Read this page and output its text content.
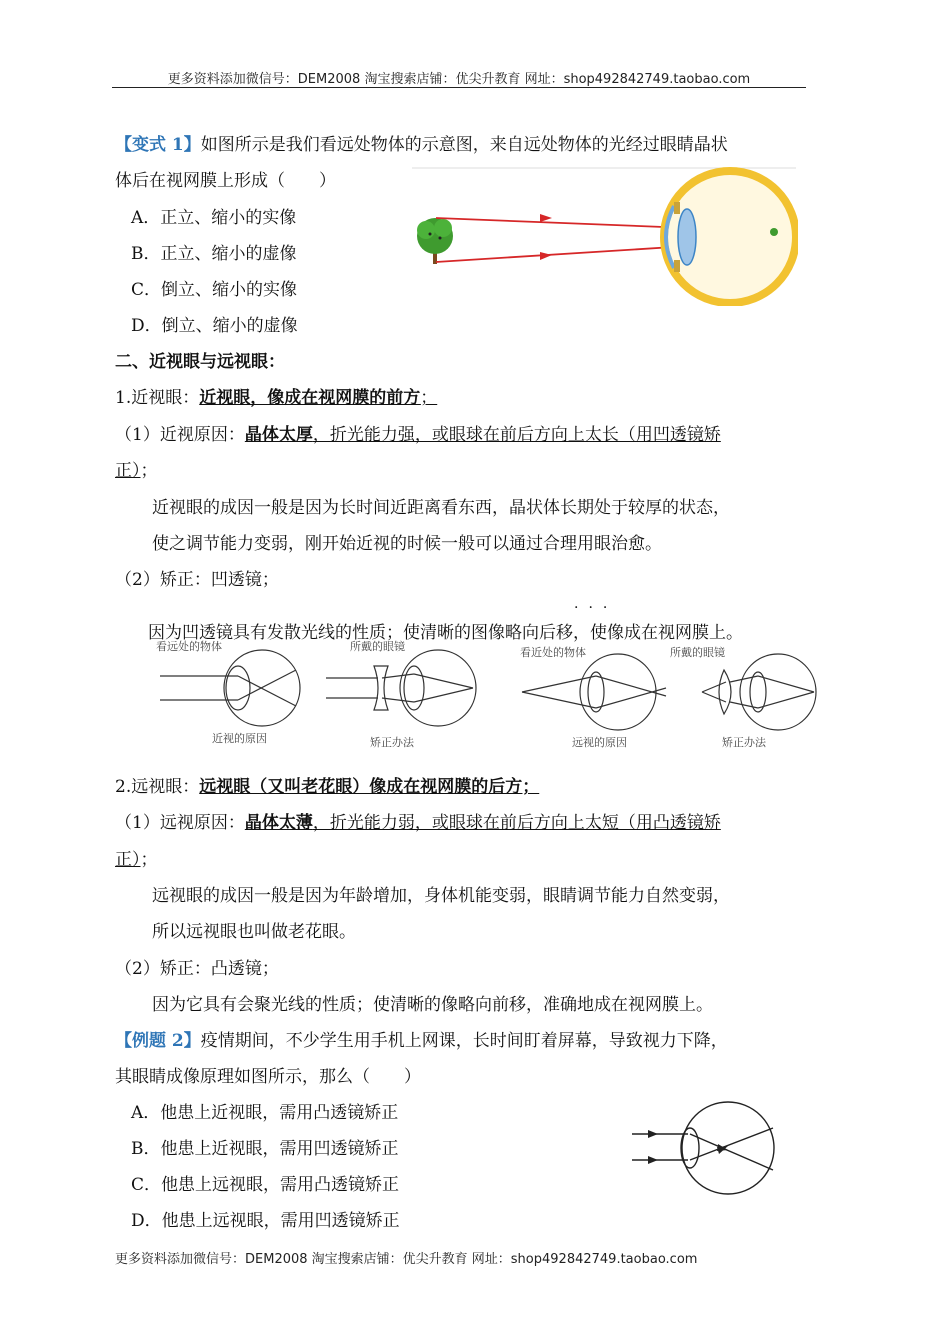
更多资料添加微信号：DEM2008 淘宝搜索店铺：优尖升教育 网址：shop492842749.taobao.com
【变式 1】如图所示是我们看远处物体的示意图，来自远处物体的光经过眼睛晶状
体后在视网膜上形成（　　）
A．正立、缩小的实像
B．正立、缩小的虚像
C．倒立、缩小的实像
D．倒立、缩小的虚像
二、近视眼与远视眼：
1.近视眼：近视眼，像成在视网膜的前方；
（1）近视原因：晶体太厚，折光能力强，或眼球在前后方向上太长（用凹透镜矫
正）；
近视眼的成因一般是因为长时间近距离看东西，晶状体长期处于较厚的状态，
使之调节能力变弱，刚开始近视的时候一般可以通过合理用眼治愈。
（2）矫正：凹透镜；
···
因为凹透镜具有发散光线的性质；使清晰的图像略向后移，使像成在视网膜上。
看远处的物体	所戴的眼镜	看近处的物体	所戴的眼镜
近视的原因	矫正办法	远视的原因	矫正办法
2.远视眼：远视眼（又叫老花眼）像成在视网膜的后方；
（1）远视原因：晶体太薄，折光能力弱，或眼球在前后方向上太短（用凸透镜矫
正）；
远视眼的成因一般是因为年龄增加，身体机能变弱，眼睛调节能力自然变弱，
所以远视眼也叫做老花眼。
（2）矫正：凸透镜；
因为它具有会聚光线的性质；使清晰的像略向前移，准确地成在视网膜上。
【例题 2】疫情期间，不少学生用手机上网课，长时间盯着屏幕，导致视力下降，
其眼睛成像原理如图所示，那么（　　）
A．他患上近视眼，需用凸透镜矫正
B．他患上近视眼，需用凹透镜矫正
C．他患上远视眼，需用凸透镜矫正
D．他患上远视眼，需用凹透镜矫正
更多资料添加微信号：DEM2008 淘宝搜索店铺：优尖升教育 网址：shop492842749.taobao.com
